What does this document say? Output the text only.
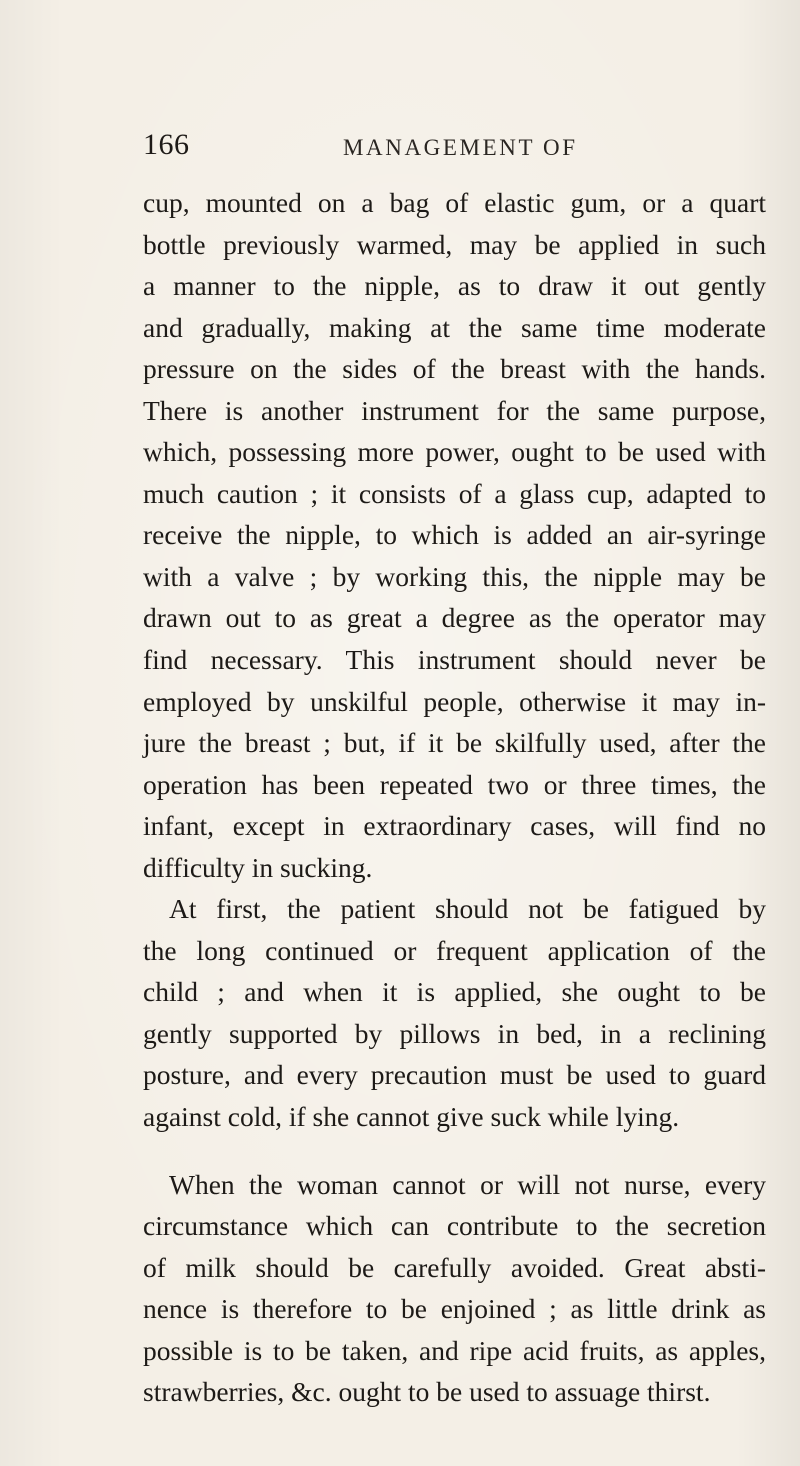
166	MANAGEMENT OF
cup, mounted on a bag of elastic gum, or a quart
bottle previously warmed, may be applied in such
a manner to the nipple, as to draw it out gently
and gradually, making at the same time moderate
pressure on the sides of the breast with the hands.
There is another instrument for the same purpose,
which, possessing more power, ought to be used with
much caution ; it consists of a glass cup, adapted to
receive the nipple, to which is added an air-syringe
with a valve ; by working this, the nipple may be
drawn out to as great a degree as the operator may
find necessary. This instrument should never be
employed by unskilful people, otherwise it may in-
jure the breast ; but, if it be skilfully used, after the
operation has been repeated two or three times, the
infant, except in extraordinary cases, will find no
difficulty in sucking.
At first, the patient should not be fatigued by
the long continued or frequent application of the
child ; and when it is applied, she ought to be
gently supported by pillows in bed, in a reclining
posture, and every precaution must be used to guard
against cold, if she cannot give suck while lying.
When the woman cannot or will not nurse, every
circumstance which can contribute to the secretion
of milk should be carefully avoided. Great absti-
nence is therefore to be enjoined ; as little drink as
possible is to be taken, and ripe acid fruits, as apples,
strawberries, &c. ought to be used to assuage thirst.
